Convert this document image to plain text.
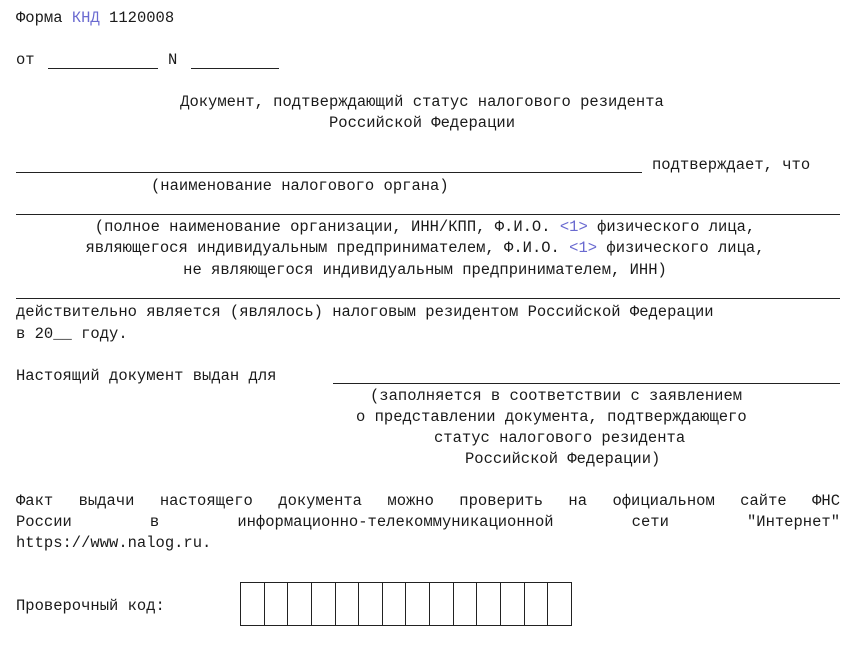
Форма КНД 1120008
от	N
Документ, подтверждающий статус налогового резидента
Российской Федерации
подтверждает, что
(наименование налогового органа)
(полное наименование организации, ИНН/КПП, Ф.И.О. <1> физического лица,
являющегося индивидуальным предпринимателем, Ф.И.О. <1> физического лица,
не являющегося индивидуальным предпринимателем, ИНН)
действительно является (являлось) налоговым резидентом Российской Федерации
в 20__ году.
Настоящий документ выдан для
(заполняется в соответствии с заявлением
о представлении документа, подтверждающего
статус налогового резидента
Российской Федерации)
Факт выдачи настоящего документа можно проверить на официальном сайте ФНС
России в информационно-телекоммуникационной сети "Интернет"
https://www.nalog.ru.
Проверочный код:
